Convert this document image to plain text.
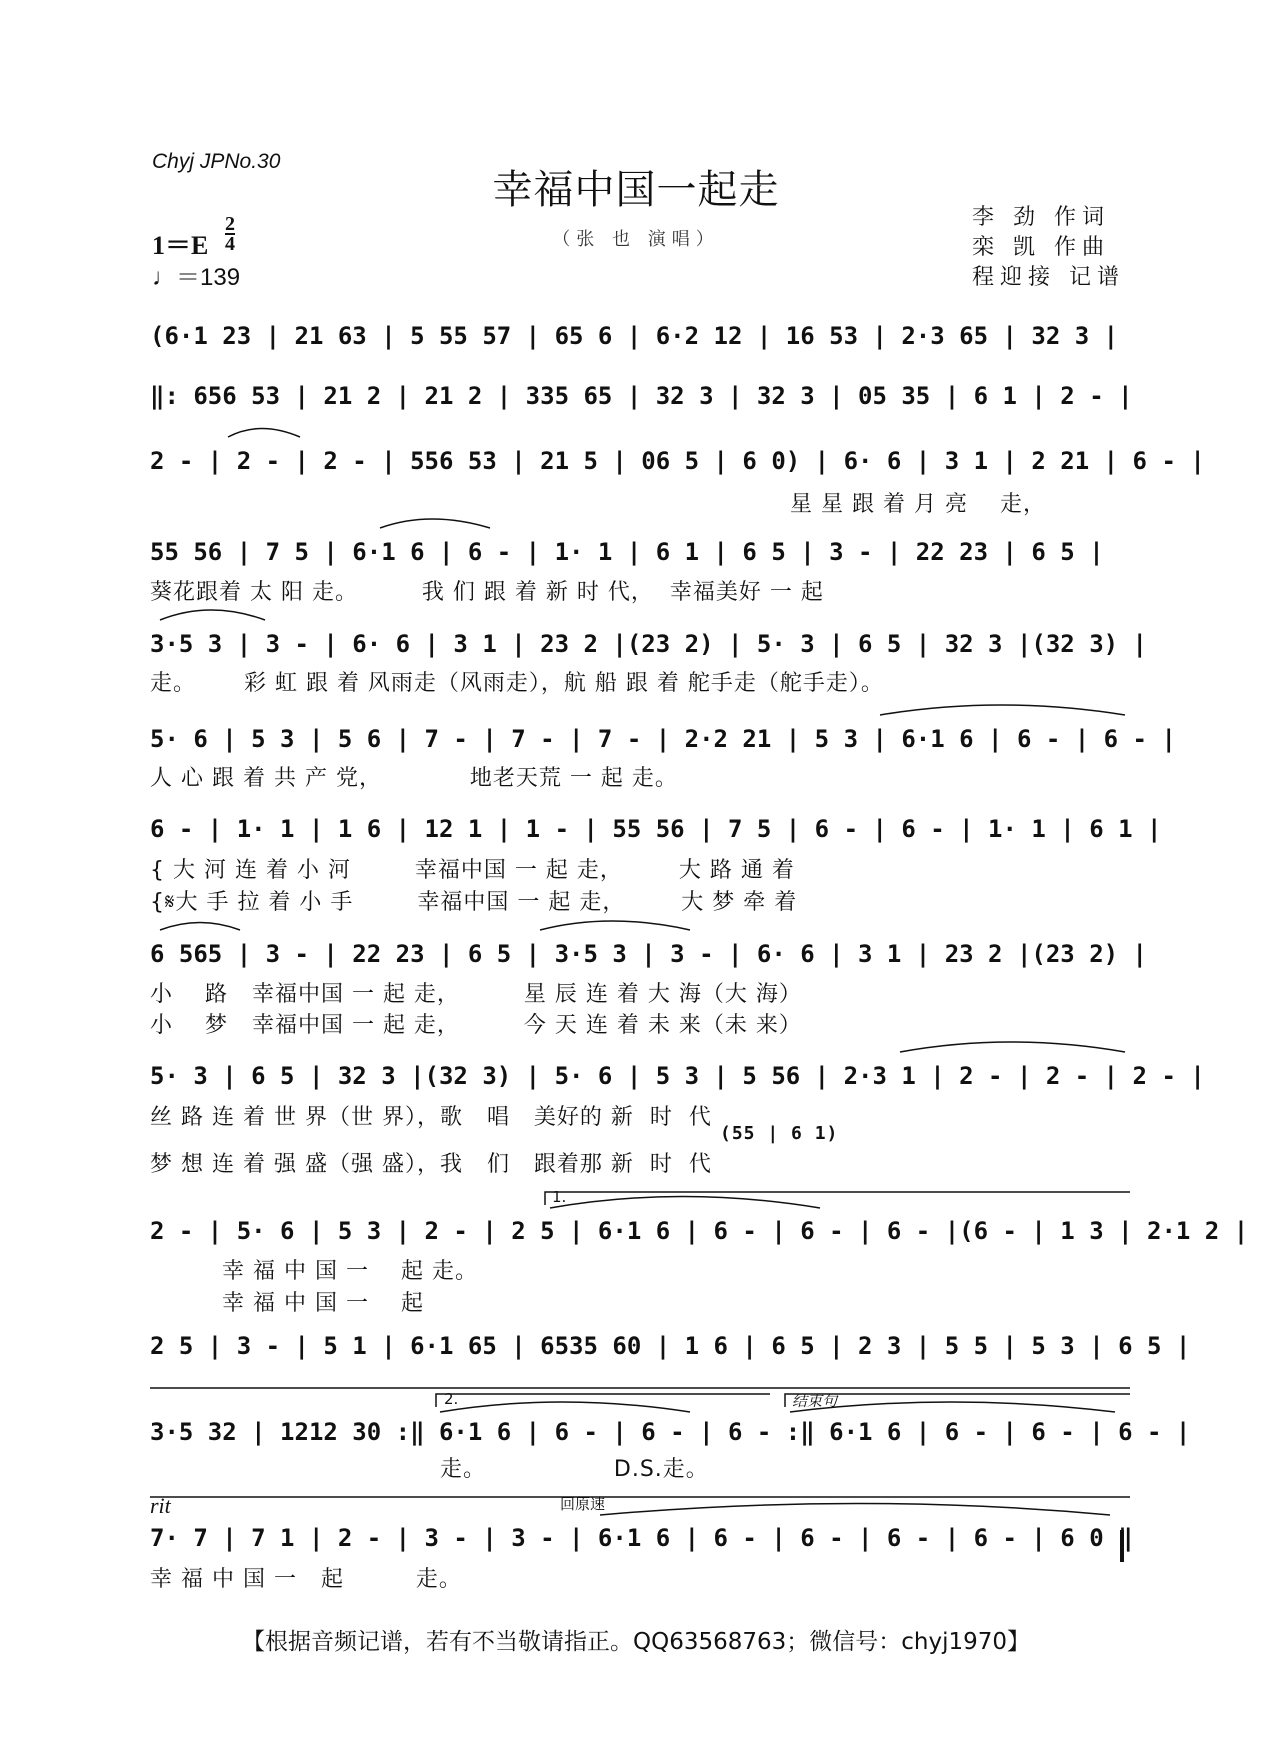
Chyj JPNo.30
幸福中国一起走
$1=E \frac{2}{4}$
♩＝139
（张 也 演唱）
李 劲 作词
栾 凯 作曲
程迎接 记谱
(6·1 23 | 21 63 | 5 55 57 | 65 6 | 6·2 12 | 16 53 | 2·3 65 | 32 3 |
‖: 656 53 | 21 2 | 21 2 | 335 65 | 32 3 | 32 3 | 05 35 | 6 1 | 2 - |
2 - | 2 - | 2 - | 556 53 | 21 5 | 06 5 | 6 0) | 6· 6 | 3 1 | 2 21 | 6 - |
星 星 跟 着 月 亮    走，
55 56 | 7 5 | 6·1 6 | 6 - | 1· 1 | 6 1 | 6 5 | 3 - | 22 23 | 6 5 |
葵花跟着 太 阳 走。        我 们 跟 着 新 时 代，  幸福美好 一 起
3·5 3 | 3 - | 6· 6 | 3 1 | 23 2 |(23 2) | 5· 3 | 6 5 | 32 3 |(32 3) |
走。      彩 虹 跟 着 风雨走（风雨走），航 船 跟 着 舵手走（舵手走）。
5· 6 | 5 3 | 5 6 | 7 - | 7 - | 7 - | 2·2 21 | 5 3 | 6·1 6 | 6 - | 6 - |
人 心 跟 着 共 产 党，           地老天荒 一 起 走。
6 - | 1· 1 | 1 6 | 12 1 | 1 - | 55 56 | 7 5 | 6 - | 6 - | 1· 1 | 6 1 |
{ 大 河 连 着 小 河        幸福中国 一 起 走，       大 路 通 着
{𝄋大 手 拉 着 小 手        幸福中国 一 起 走，       大 梦 牵 着
6 565 | 3 - | 22 23 | 6 5 | 3·5 3 | 3 - | 6· 6 | 3 1 | 23 2 |(23 2) |
小    路   幸福中国 一 起 走，        星 辰 连 着 大 海（大 海）
小    梦   幸福中国 一 起 走，        今 天 连 着 未 来（未 来）
5· 3 | 6 5 | 32 3 |(32 3) | 5· 6 | 5 3 | 5 56 | 2·3 1 | 2 - | 2 - | 2 - |
丝 路 连 着 世 界（世 界），歌   唱   美好的 新  时  代
(55 | 6 1)
梦 想 连 着 强 盛（强 盛），我   们   跟着那 新  时  代
2 - | 5· 6 | 5 3 | 2 - | 2 5 | 6·1 6 | 6 - | 6 - | 6 - |(6 - | 1 3 | 2·1 2 |
1.
幸 福 中 国 一    起 走。
幸 福 中 国 一    起
2 5 | 3 - | 5 1 | 6·1 65 | 6535 60 | 1 6 | 6 5 | 2 3 | 5 5 | 5 3 | 6 5 |
3·5 32 | 1212 30 :‖ 6·1 6 | 6 - | 6 - | 6 - :‖ 6·1 6 | 6 - | 6 - | 6 - |
2.	结束句
走。                D.S.走。
rit	回原速
7· 7 | 7 1 | 2 - | 3 - | 3 - | 6·1 6 | 6 - | 6 - | 6 - | 6 - | 6 0 ‖
幸 福 中 国 一   起         走。
【根据音频记谱，若有不当敬请指正。QQ63568763；微信号：chyj1970】
